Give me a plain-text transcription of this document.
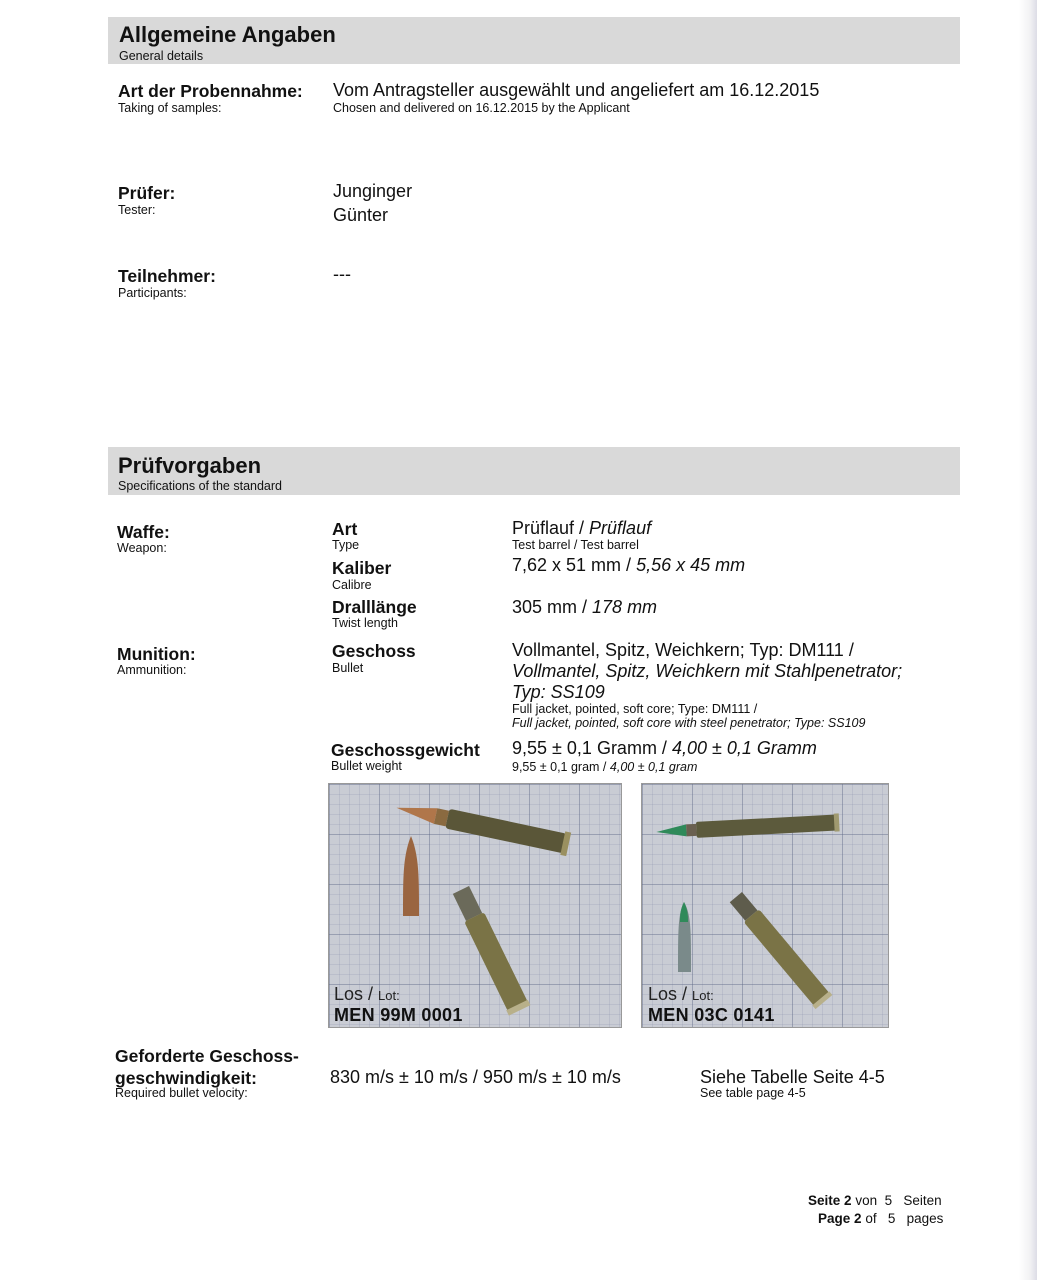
Allgemeine Angaben
General details
Art der Probennahme:
Taking of samples:
Vom Antragsteller ausgewählt und angeliefert am 16.12.2015
Chosen and delivered on 16.12.2015 by the Applicant
Prüfer:
Tester:
Junginger
Günter
Teilnehmer:
Participants:
---
Prüfvorgaben
Specifications of the standard
Waffe:
Weapon:
Art
Type
Prüflauf / Prüflauf
Test barrel / Test barrel
Kaliber
Calibre
7,62 x 51 mm / 5,56 x 45 mm
Dralllänge
Twist length
305 mm / 178 mm
Munition:
Ammunition:
Geschoss
Bullet
Vollmantel, Spitz, Weichkern; Typ: DM111 /
Vollmantel, Spitz, Weichkern mit Stahlpenetrator;
Typ: SS109
Full jacket, pointed, soft core; Type: DM111 /
Full jacket, pointed, soft core with steel penetrator; Type: SS109
Geschossgewicht
Bullet weight
9,55 ± 0,1 Gramm / 4,00 ± 0,1 Gramm
9,55 ± 0,1 gram / 4,00 ± 0,1 gram
Los / Lot:
MEN 99M 0001
Los / Lot:
MEN 03C 0141
Geforderte Geschoss-
geschwindigkeit:
Required bullet velocity:
830 m/s ± 10 m/s / 950 m/s ± 10 m/s	Siehe Tabelle Seite 4-5
See table page 4-5
Seite 2 von 5 Seiten
Page 2 of 5 pages
